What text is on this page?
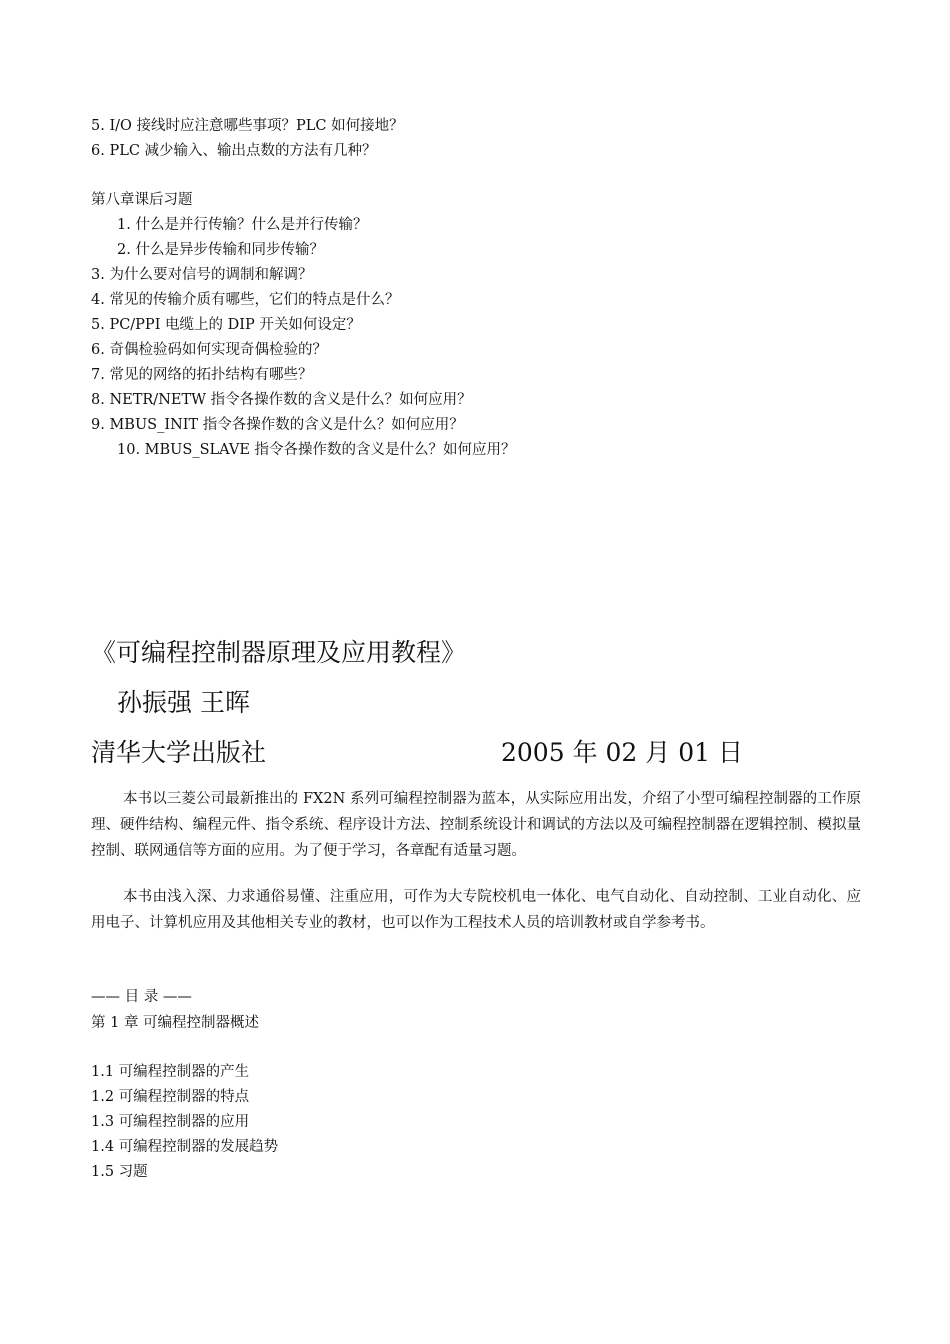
5. I/O 接线时应注意哪些事项？PLC 如何接地？
6. PLC 减少输入、输出点数的方法有几种？
第八章课后习题
1. 什么是并行传输？什么是并行传输？
2. 什么是异步传输和同步传输？
3. 为什么要对信号的调制和解调？
4. 常见的传输介质有哪些，它们的特点是什么？
5. PC/PPI 电缆上的 DIP 开关如何设定？
6. 奇偶检验码如何实现奇偶检验的？
7. 常见的网络的拓扑结构有哪些？
8. NETR/NETW 指令各操作数的含义是什么？如何应用？
9. MBUS_INIT 指令各操作数的含义是什么？如何应用？
10. MBUS_SLAVE 指令各操作数的含义是什么？如何应用？
《可编程控制器原理及应用教程》
孙振强 王晖
清华大学出版社	2005 年 02 月 01 日
本书以三菱公司最新推出的 FX2N 系列可编程控制器为蓝本，从实际应用出发，介绍了小型可编程控制器的工作原理、硬件结构、编程元件、指令系统、程序设计方法、控制系统设计和调试的方法以及可编程控制器在逻辑控制、模拟量控制、联网通信等方面的应用。为了便于学习，各章配有适量习题。
本书由浅入深、力求通俗易懂、注重应用，可作为大专院校机电一体化、电气自动化、自动控制、工业自动化、应用电子、计算机应用及其他相关专业的教材，也可以作为工程技术人员的培训教材或自学参考书。
—— 目 录 ——
第 1 章 可编程控制器概述
1.1 可编程控制器的产生
1.2 可编程控制器的特点
1.3 可编程控制器的应用
1.4 可编程控制器的发展趋势
1.5 习题
